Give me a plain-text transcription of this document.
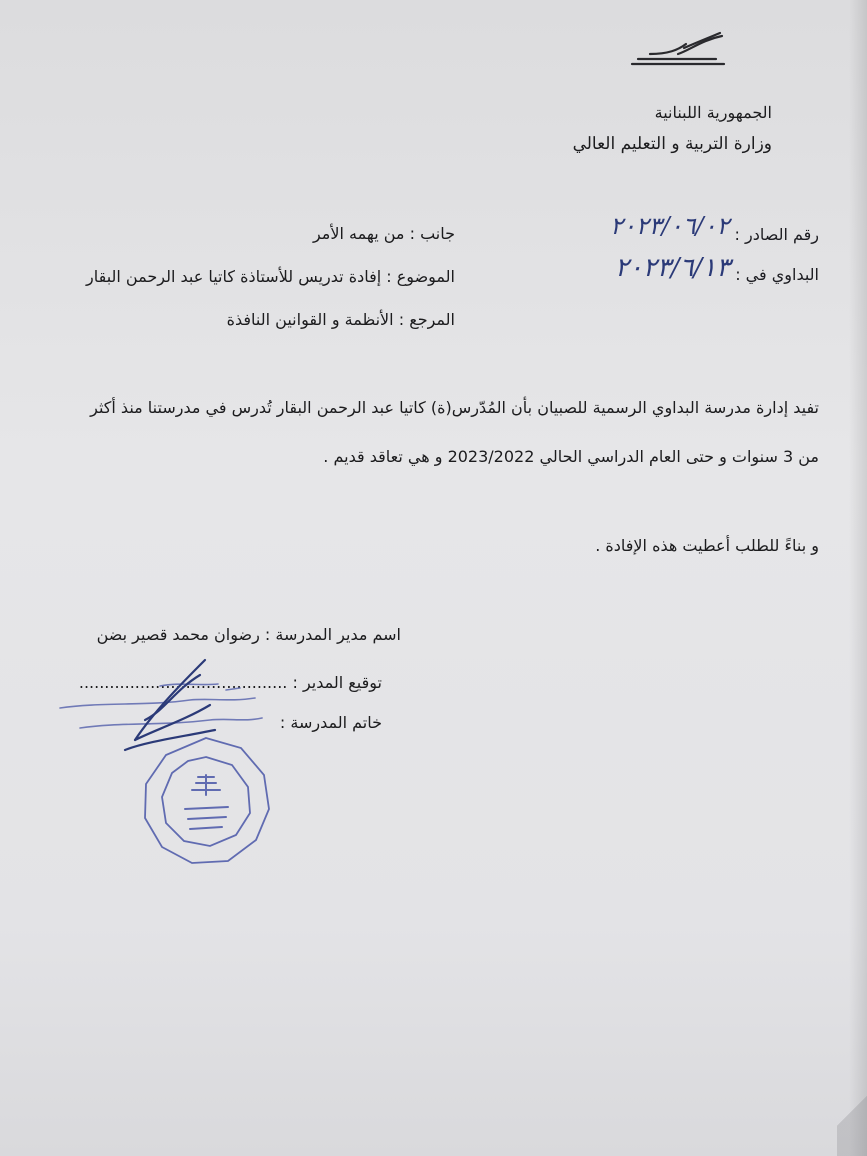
الجمهورية اللبنانية
وزارة التربية و التعليم العالي
رقم الصادر : ٢٠٢٣/٠٦/٠٢
البداوي في : ٢٠٢٣/٦/١٣
جانب : من يهمه الأمر
الموضوع : إفادة تدريس للأستاذة كاتيا عبد الرحمن البقار
المرجع : الأنظمة و القوانين النافذة
تفيد إدارة مدرسة البداوي الرسمية للصبيان بأن المُدّرس(ة) كاتيا عبد الرحمن البقار تُدرس في مدرستنا منذ أكثر
من 3 سنوات و حتى العام الدراسي الحالي 2023/2022 و هي تعاقد قديم .
و بناءً للطلب أعطيت هذه الإفادة .
اسم مدير المدرسة : رضوان محمد قصير بضن
توقيع المدير : .........................................
خاتم المدرسة :
